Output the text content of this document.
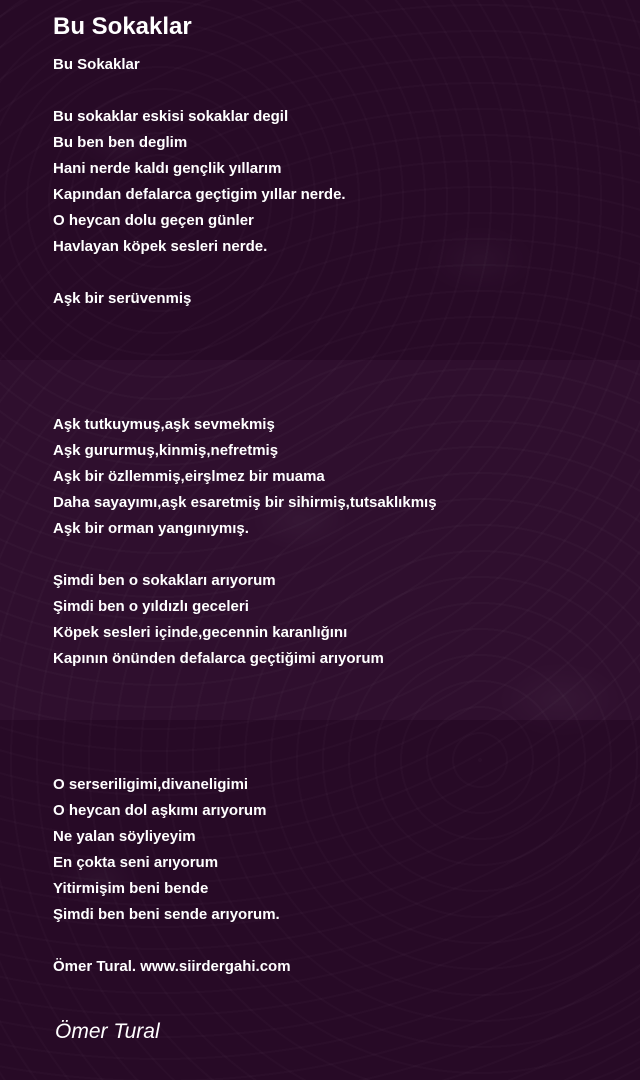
Bu Sokaklar
Bu Sokaklar
Bu sokaklar eskisi sokaklar degil
Bu ben ben deglim
Hani nerde kaldı gençlik yıllarım
Kapından defalarca geçtigim yıllar nerde.
O heycan dolu geçen günler
Havlayan köpek sesleri nerde.
Aşk bir serüvenmiş
Aşk tutkuymuş,aşk sevmekmiş
Aşk gururmuş,kinmiş,nefretmiş
Aşk bir özllemmiş,eirşlmez bir muama
Daha sayayımı,aşk esaretmiş bir sihirmiş,tutsaklıkmış
Aşk bir orman yangınıymış.
Şimdi ben o sokakları arıyorum
Şimdi ben o yıldızlı geceleri
Köpek sesleri içinde,gecennin karanlığını
Kapının önünden defalarca geçtiğimi arıyorum
O serseriligimi,divaneligimi
O heycan dol aşkımı arıyorum
Ne yalan söyliyeyim
En çokta seni arıyorum
Yitirmişim beni bende
Şimdi ben beni sende arıyorum.
Ömer Tural. www.siirdergahi.com
Ömer Tural
